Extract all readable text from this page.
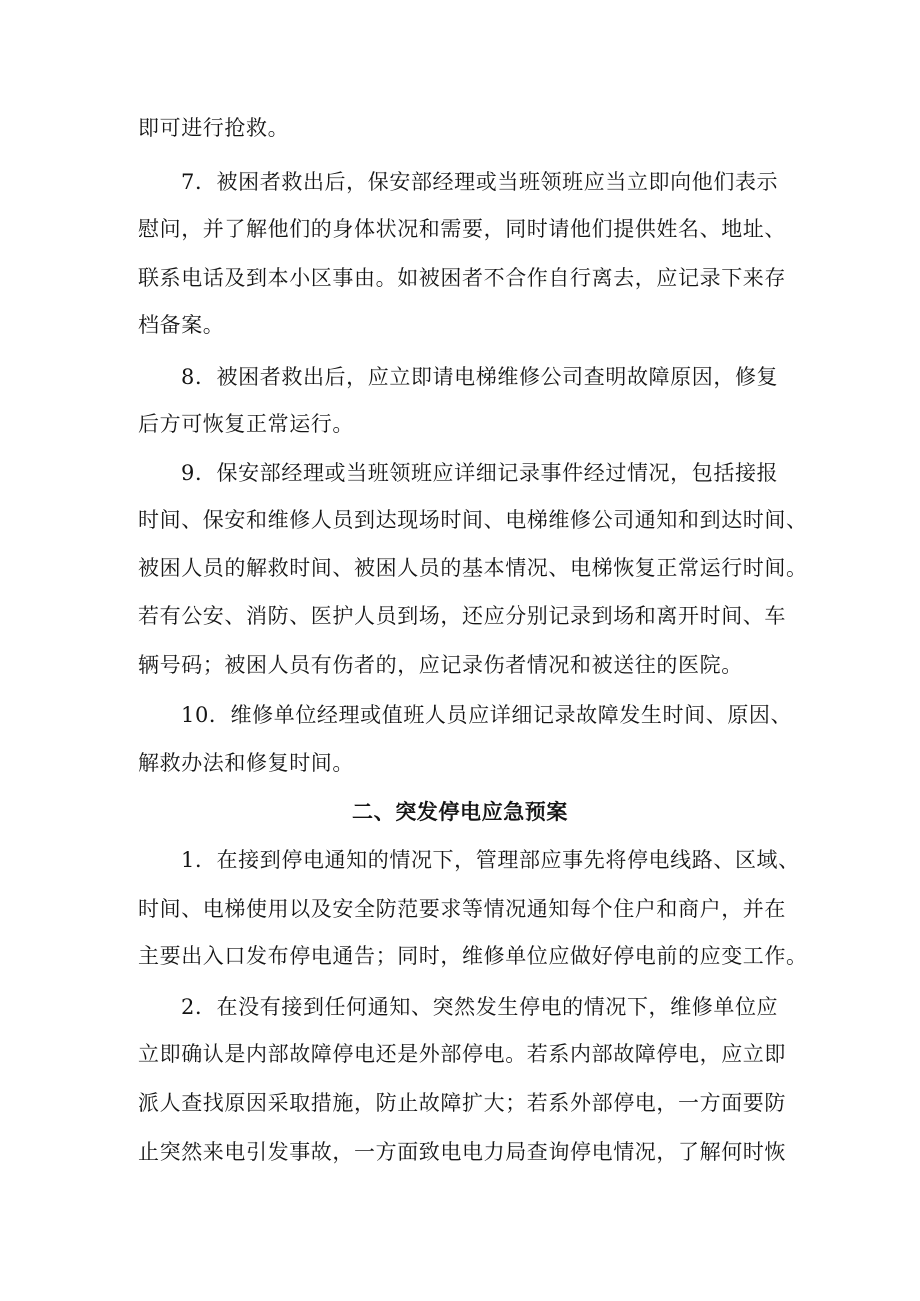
即可进行抢救。
7．被困者救出后，保安部经理或当班领班应当立即向他们表示
慰问，并了解他们的身体状况和需要，同时请他们提供姓名、地址、
联系电话及到本小区事由。如被困者不合作自行离去，应记录下来存
档备案。
8．被困者救出后，应立即请电梯维修公司查明故障原因，修复
后方可恢复正常运行。
9．保安部经理或当班领班应详细记录事件经过情况，包括接报
时间、保安和维修人员到达现场时间、电梯维修公司通知和到达时间、
被困人员的解救时间、被困人员的基本情况、电梯恢复正常运行时间。
若有公安、消防、医护人员到场，还应分别记录到场和离开时间、车
辆号码；被困人员有伤者的，应记录伤者情况和被送往的医院。
10．维修单位经理或值班人员应详细记录故障发生时间、原因、
解救办法和修复时间。
二、突发停电应急预案
1．在接到停电通知的情况下，管理部应事先将停电线路、区域、
时间、电梯使用以及安全防范要求等情况通知每个住户和商户，并在
主要出入口发布停电通告；同时，维修单位应做好停电前的应变工作。
2．在没有接到任何通知、突然发生停电的情况下，维修单位应
立即确认是内部故障停电还是外部停电。若系内部故障停电，应立即
派人查找原因采取措施，防止故障扩大；若系外部停电，一方面要防
止突然来电引发事故，一方面致电电力局查询停电情况，了解何时恢
